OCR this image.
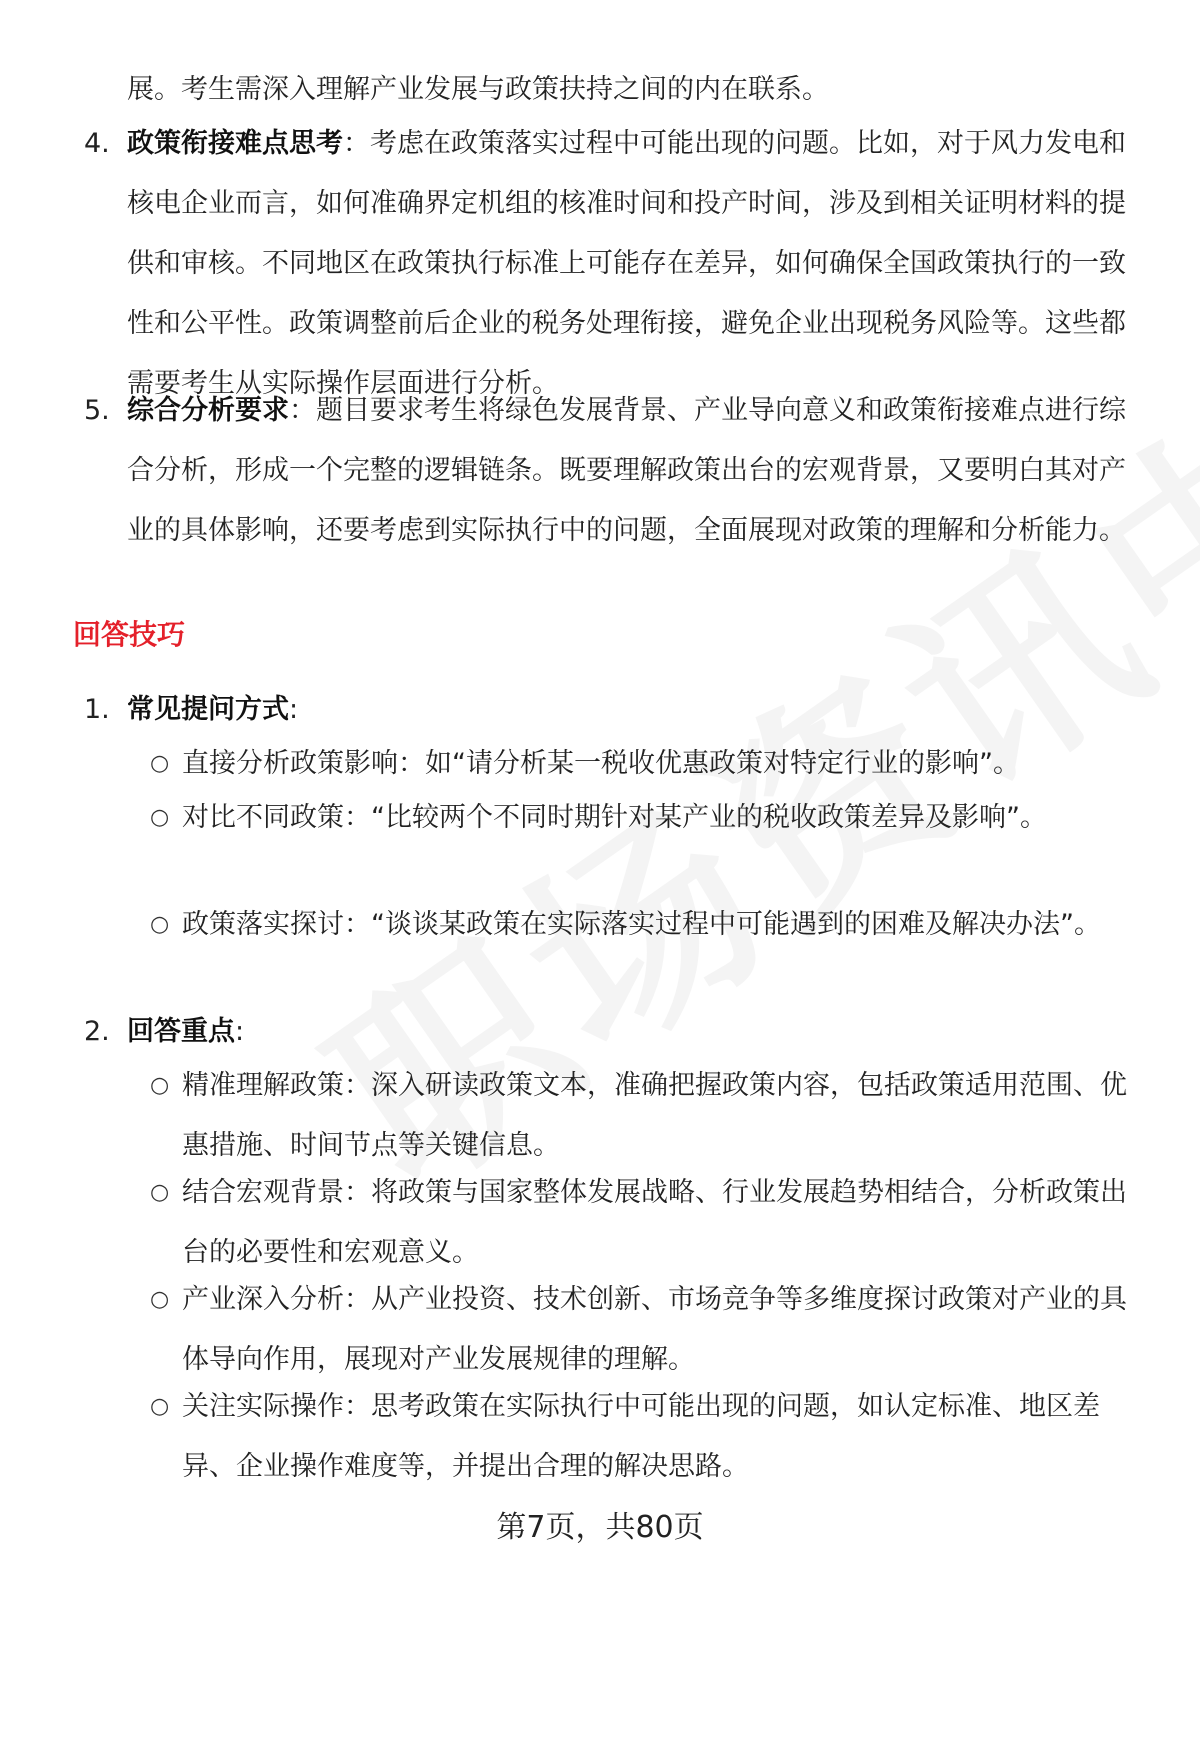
展。考生需深入理解产业发展与政策扶持之间的内在联系。
4. 政策衔接难点思考：考虑在政策落实过程中可能出现的问题。比如，对于风力发电和核电企业而言，如何准确界定机组的核准时间和投产时间，涉及到相关证明材料的提供和审核。不同地区在政策执行标准上可能存在差异，如何确保全国政策执行的一致性和公平性。政策调整前后企业的税务处理衔接，避免企业出现税务风险等。这些都需要考生从实际操作层面进行分析。
5. 综合分析要求：题目要求考生将绿色发展背景、产业导向意义和政策衔接难点进行综合分析，形成一个完整的逻辑链条。既要理解政策出台的宏观背景，又要明白其对产业的具体影响，还要考虑到实际执行中的问题，全面展现对政策的理解和分析能力。
回答技巧
1. 常见提问方式:
○ 直接分析政策影响：如“请分析某一税收优惠政策对特定行业的影响”。
○ 对比不同政策：“比较两个不同时期针对某产业的税收政策差异及影响”。
○ 政策落实探讨：“谈谈某政策在实际落实过程中可能遇到的困难及解决办法”。
2. 回答重点:
○ 精准理解政策：深入研读政策文本，准确把握政策内容，包括政策适用范围、优惠措施、时间节点等关键信息。
○ 结合宏观背景：将政策与国家整体发展战略、行业发展趋势相结合，分析政策出台的必要性和宏观意义。
○ 产业深入分析：从产业投资、技术创新、市场竞争等多维度探讨政策对产业的具体导向作用，展现对产业发展规律的理解。
○ 关注实际操作：思考政策在实际执行中可能出现的问题，如认定标准、地区差异、企业操作难度等，并提出合理的解决思路。
第7页，共80页
